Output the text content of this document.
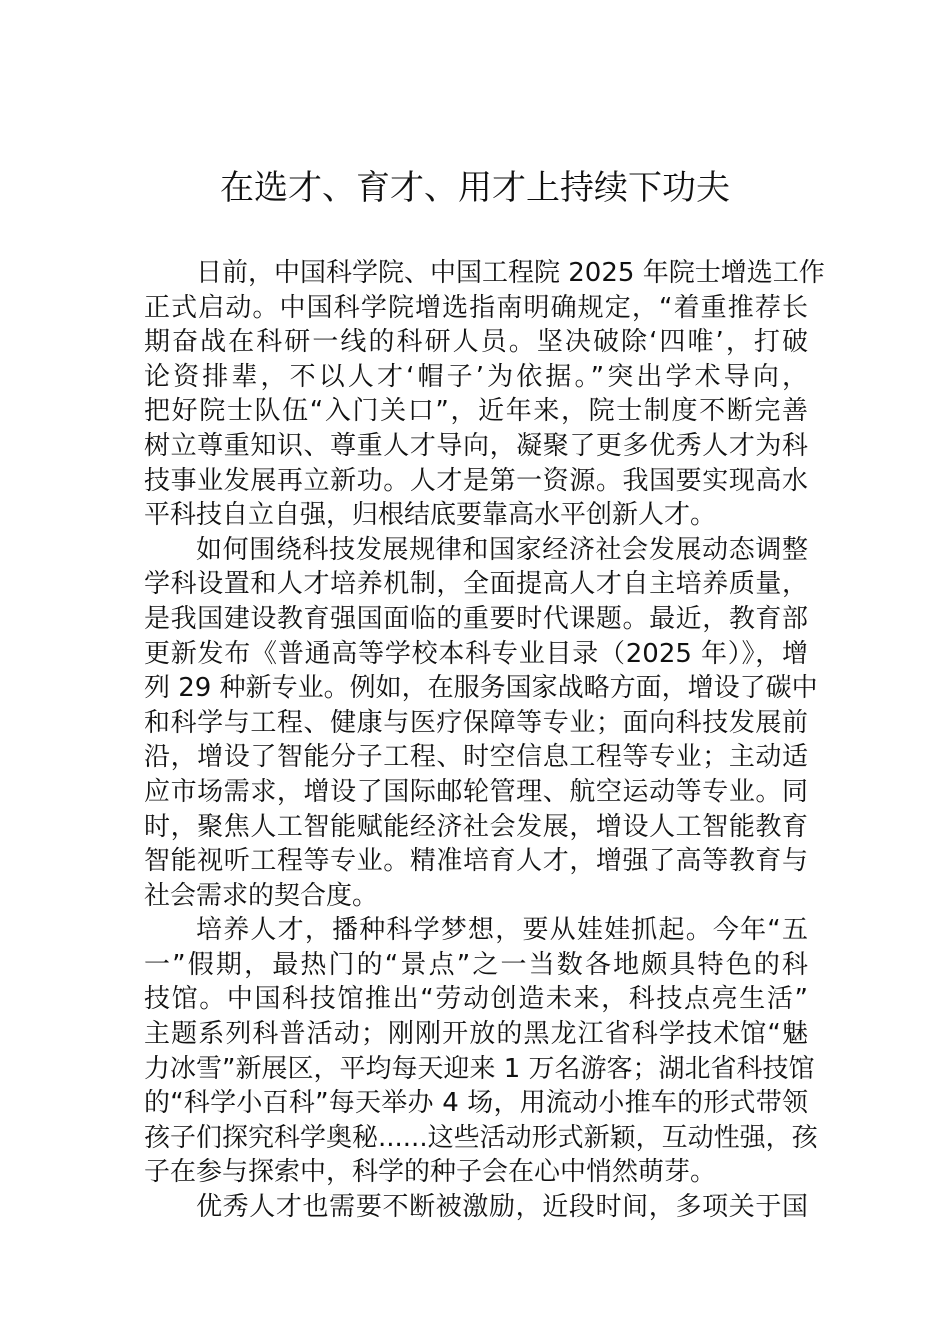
在选才、育才、用才上持续下功夫
日前，中国科学院、中国工程院 2025 年院士增选工作
正式启动。中国科学院增选指南明确规定，“着重推荐长
期奋战在科研一线的科研人员。坚决破除‘四唯’，打破
论资排辈，不以人才‘帽子’为依据。”突出学术导向，
把好院士队伍“入门关口”，近年来，院士制度不断完善
树立尊重知识、尊重人才导向，凝聚了更多优秀人才为科
技事业发展再立新功。人才是第一资源。我国要实现高水
平科技自立自强，归根结底要靠高水平创新人才。
如何围绕科技发展规律和国家经济社会发展动态调整
学科设置和人才培养机制，全面提高人才自主培养质量，
是我国建设教育强国面临的重要时代课题。最近，教育部
更新发布《普通高等学校本科专业目录（2025 年）》，增
列 29 种新专业。例如，在服务国家战略方面，增设了碳中
和科学与工程、健康与医疗保障等专业；面向科技发展前
沿，增设了智能分子工程、时空信息工程等专业；主动适
应市场需求，增设了国际邮轮管理、航空运动等专业。同
时，聚焦人工智能赋能经济社会发展，增设人工智能教育
智能视听工程等专业。精准培育人才，增强了高等教育与
社会需求的契合度。
培养人才，播种科学梦想，要从娃娃抓起。今年“五
一”假期，最热门的“景点”之一当数各地颇具特色的科
技馆。中国科技馆推出“劳动创造未来，科技点亮生活”
主题系列科普活动；刚刚开放的黑龙江省科学技术馆“魅
力冰雪”新展区，平均每天迎来 1 万名游客；湖北省科技馆
的“科学小百科”每天举办 4 场，用流动小推车的形式带领
孩子们探究科学奥秘......这些活动形式新颖，互动性强，孩
子在参与探索中，科学的种子会在心中悄然萌芽。
优秀人才也需要不断被激励，近段时间，多项关于国
